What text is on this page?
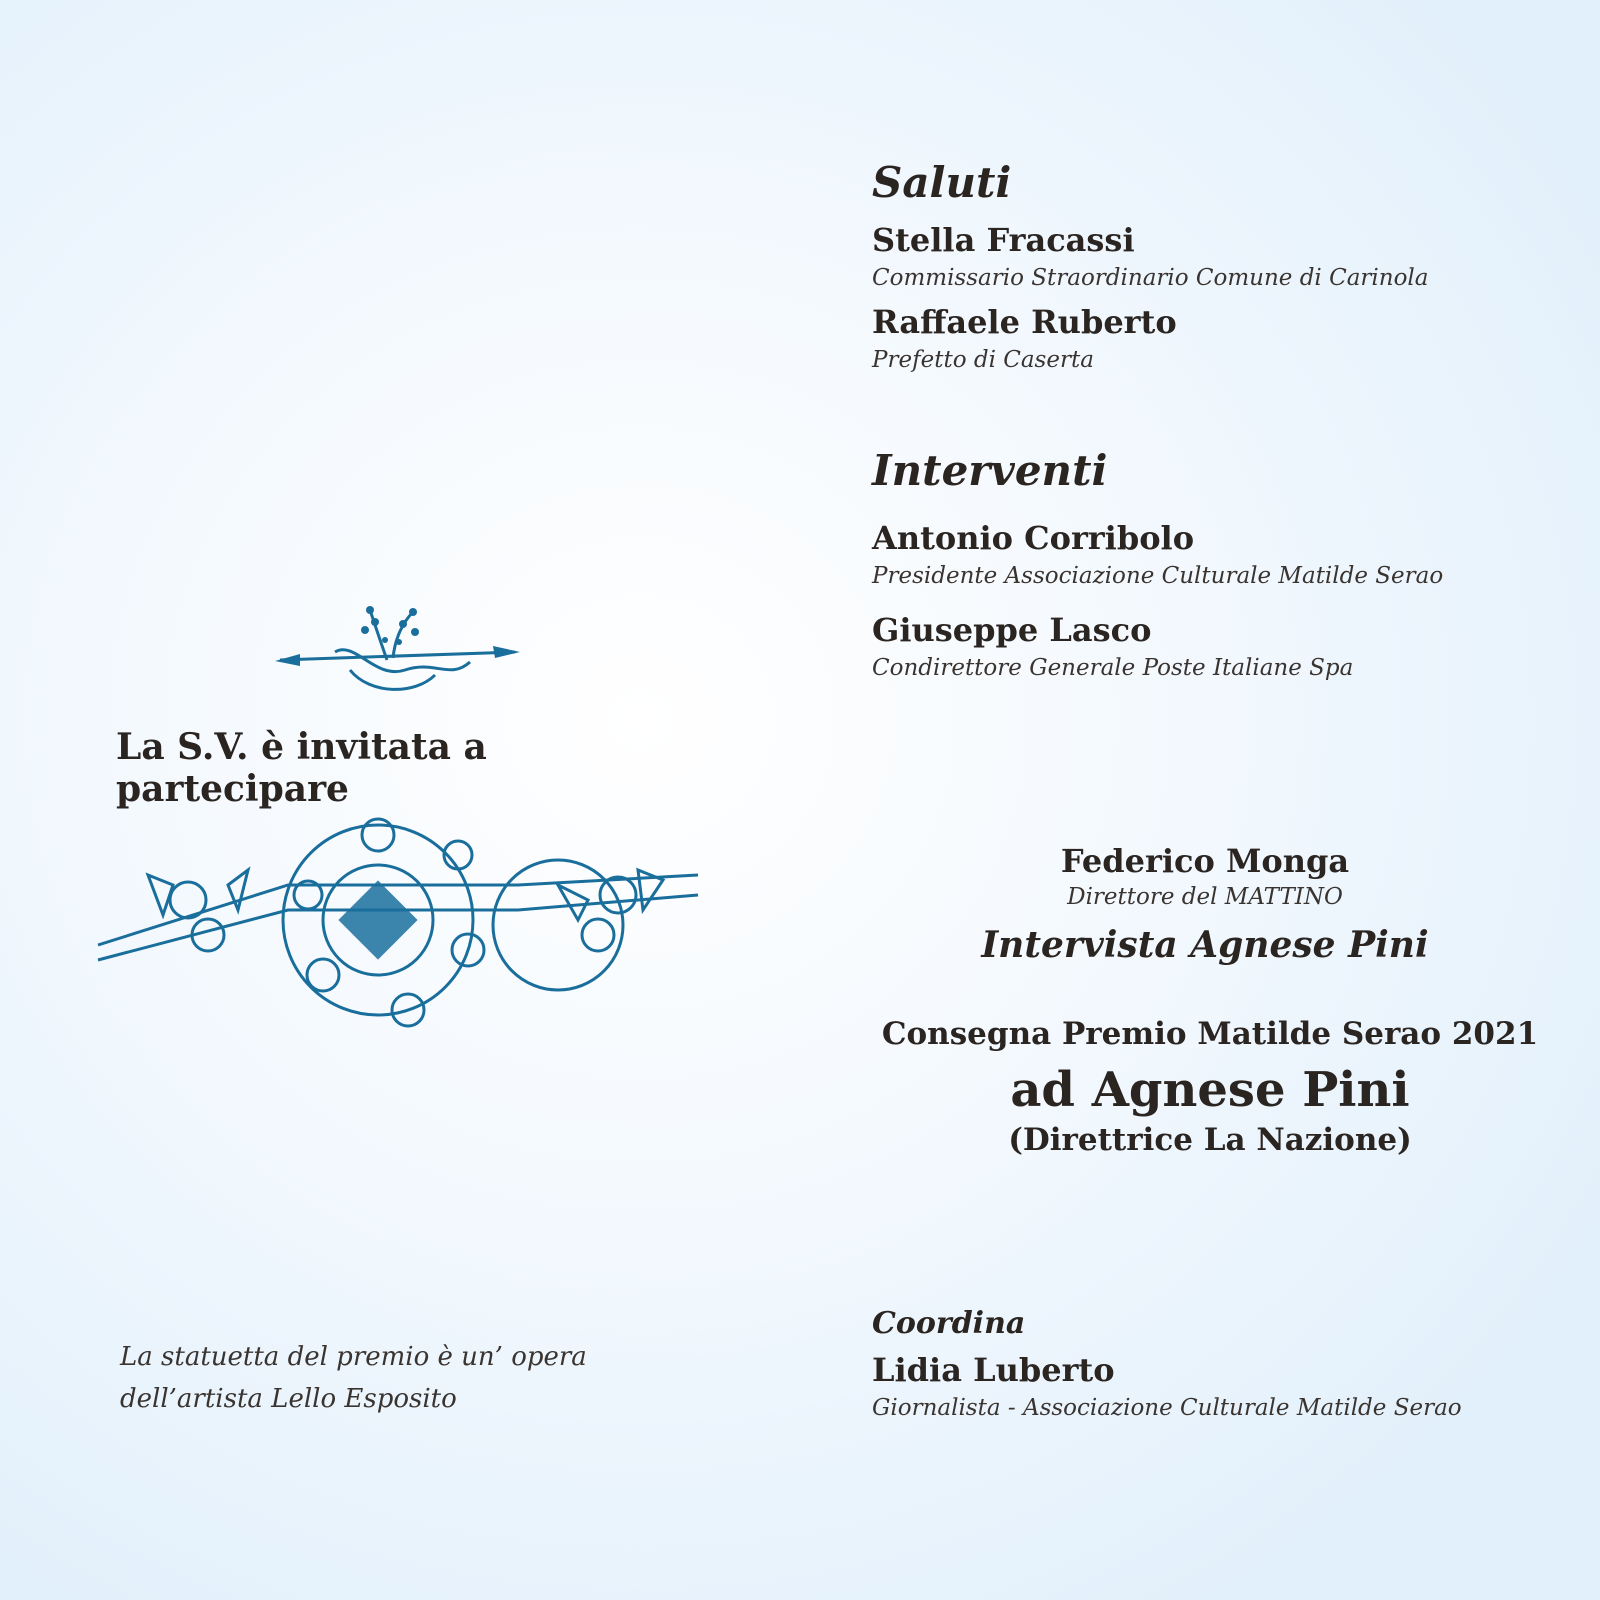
La S.V. è invitata a partecipare
La statuetta del premio è un’ opera
dell’artista Lello Esposito
Saluti

Stella Fracassi

Commissario Straordinario Comune di Carinola

Raffaele Ruberto

Prefetto di Caserta

Interventi

Antonio Corribolo

Presidente Associazione Culturale Matilde Serao

Giuseppe Lasco

Condirettore Generale Poste Italiane Spa

Federico Monga

Direttore del MATTINO

Intervista Agnese Pini

Consegna Premio Matilde Serao 2021

ad Agnese Pini

(Direttrice La Nazione)

Coordina

Lidia Luberto

Giornalista - Associazione Culturale Matilde Serao
